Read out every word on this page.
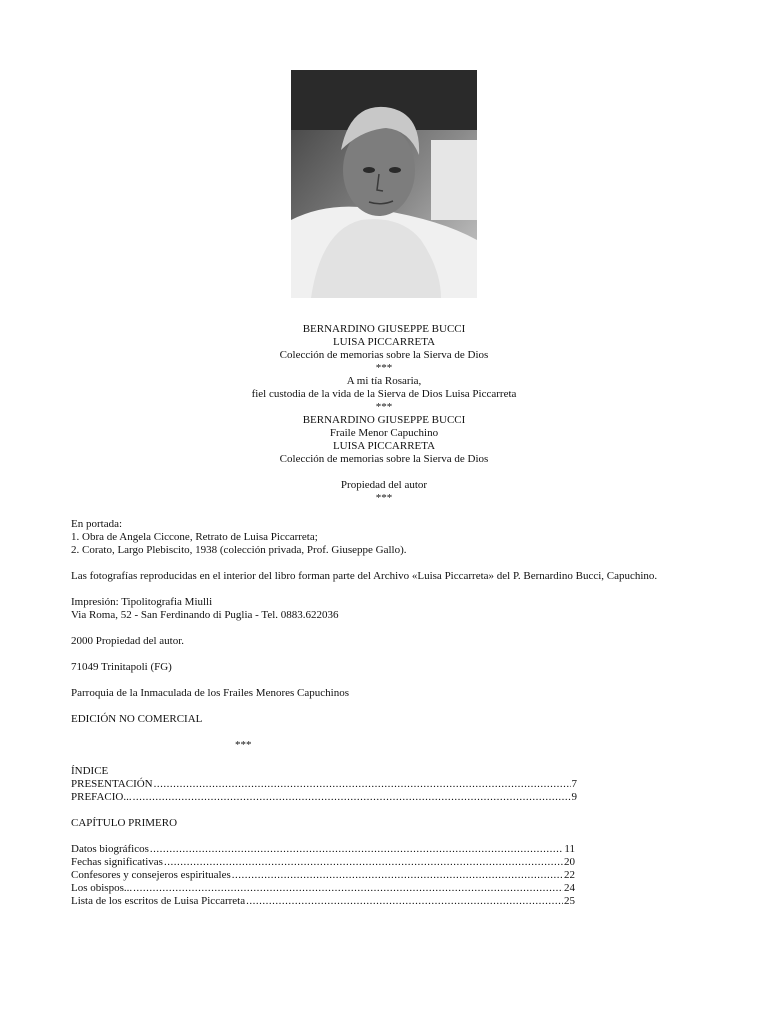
BERNARDINO GIUSEPPE BUCCI
LUISA PICCARRETA
Colección de memorias sobre la Sierva de Dios
***
A mi tía Rosaria,
fiel custodia de la vida de la Sierva de Dios Luisa Piccarreta
***
BERNARDINO GIUSEPPE BUCCI
Fraile Menor Capuchino
LUISA PICCARRETA
Colección de memorias sobre la Sierva de Dios
Propiedad del autor
***
En portada:
1. Obra de Angela Ciccone, Retrato de Luisa Piccarreta;
2. Corato, Largo Plebiscito, 1938 (colección privada, Prof. Giuseppe Gallo).
Las fotografías reproducidas en el interior del libro forman parte del Archivo «Luisa Piccarreta» del P. Bernardino Bucci, Capuchino.
Impresión: Tipolitografia Miulli
Via Roma, 52 - San Ferdinando di Puglia - Tel. 0883.622036
2000 Propiedad del autor.
71049 Trinitapoli (FG)
Parroquia de la Inmaculada de los Frailes Menores Capuchinos
EDICIÓN NO COMERCIAL
***
ÍNDICE
PRESENTACIÓN .....	7
PREFACIO... .....	9
CAPÍTULO PRIMERO
Datos biográficos .....	11
Fechas significativas .....	20
Confesores y consejeros espirituales .....	22
Los obispos... .....	24
Lista de los escritos de Luisa Piccarreta .....	25
